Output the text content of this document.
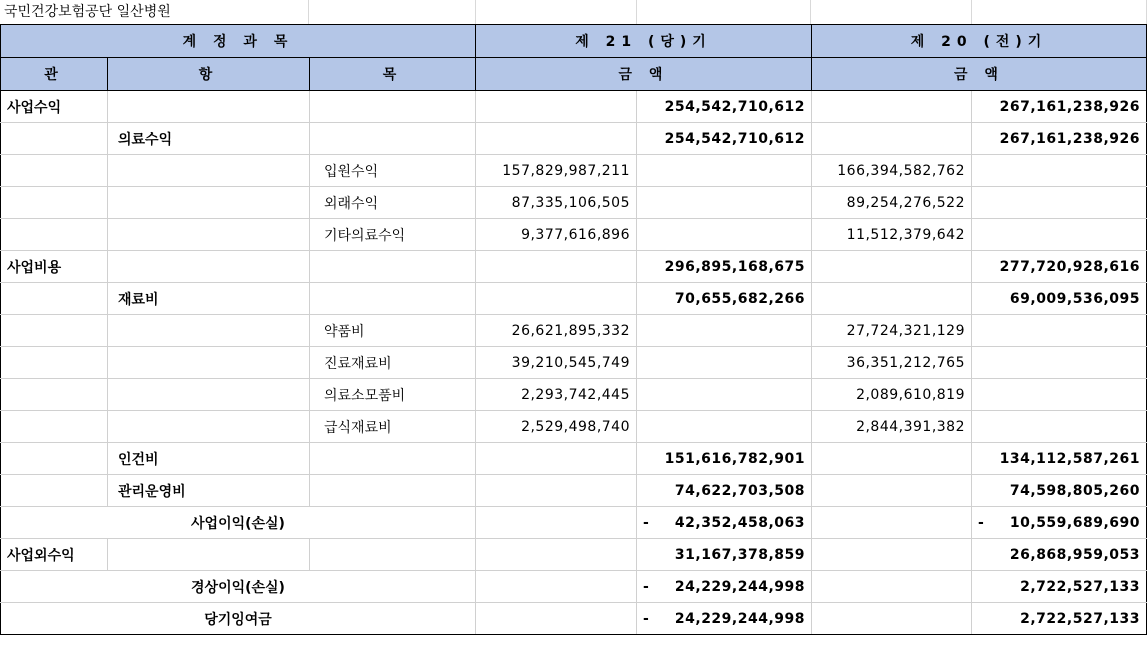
국민건강보험공단 일산병원
계 정 과 목			제 21 (당)기		제 20 (전)기	
관	항	목	금 액		금 액	
사업수익				254,542,710,612		267,161,238,926
	의료수익			254,542,710,612		267,161,238,926
		입원수익	157,829,987,211		166,394,582,762	
		외래수익	87,335,106,505		89,254,276,522	
		기타의료수익	9,377,616,896		11,512,379,642	
사업비용				296,895,168,675		277,720,928,616
	재료비			70,655,682,266		69,009,536,095
		약품비	26,621,895,332		27,724,321,129	
		진료재료비	39,210,545,749		36,351,212,765	
		의료소모품비	2,293,742,445		2,089,610,819	
		급식재료비	2,529,498,740		2,844,391,382	
	인건비			151,616,782,901		134,112,587,261
	관리운영비			74,622,703,508		74,598,805,260
사업이익(손실)				- 42,352,458,063		- 10,559,689,690
사업외수익				31,167,378,859		26,868,959,053
경상이익(손실)				- 24,229,244,998		2,722,527,133
당기잉여금				- 24,229,244,998		2,722,527,133
